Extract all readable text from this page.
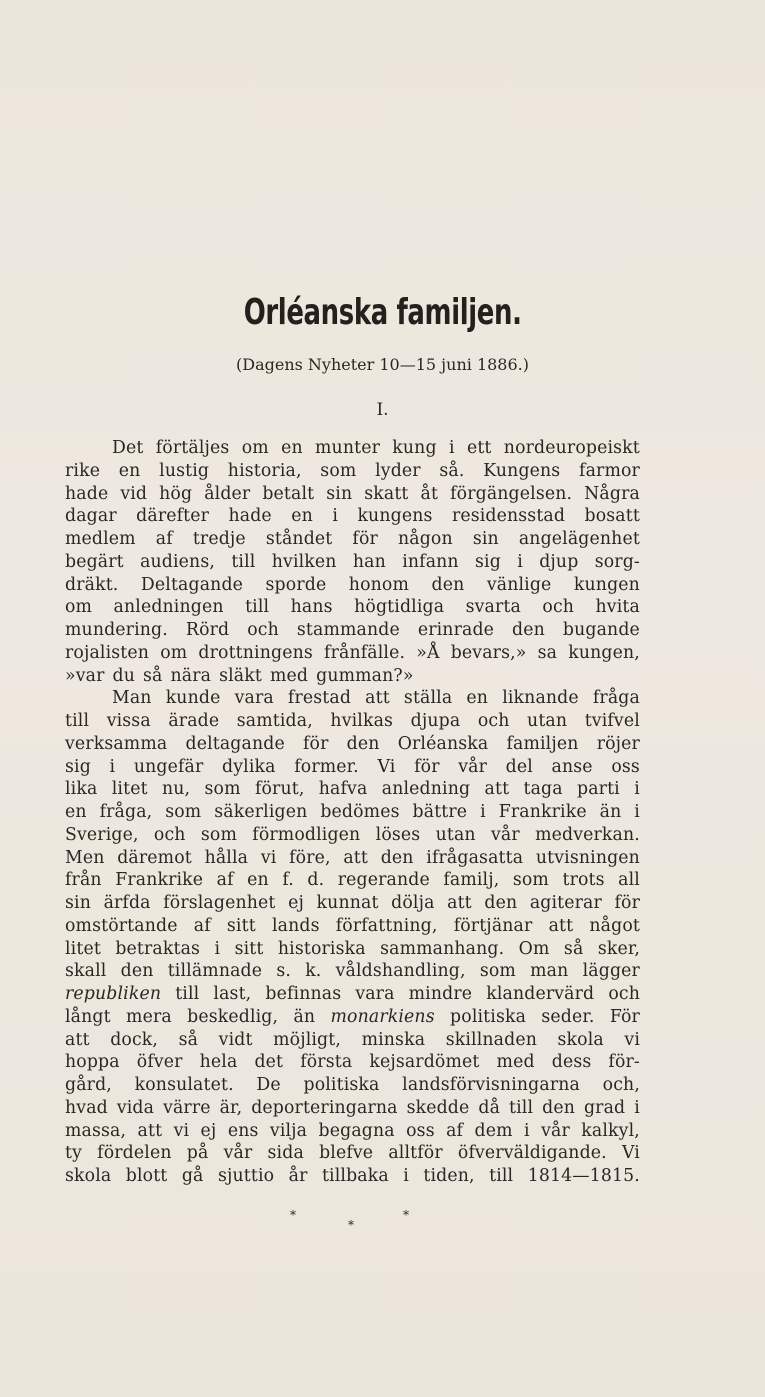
Orléanska familjen.
(Dagens Nyheter 10—15 juni 1886.)
I.
Det förtäljes om en munter kung i ett nordeuropeiskt
rike en lustig historia, som lyder så. Kungens farmor
hade vid hög ålder betalt sin skatt åt förgängelsen. Några
dagar därefter hade en i kungens residensstad bosatt
medlem af tredje ståndet för någon sin angelägenhet
begärt audiens, till hvilken han infann sig i djup sorg-
dräkt. Deltagande sporde honom den vänlige kungen
om anledningen till hans högtidliga svarta och hvita
mundering. Rörd och stammande erinrade den bugande
rojalisten om drottningens frånfälle. »Å bevars,» sa kungen,
»var du så nära släkt med gumman?»
Man kunde vara frestad att ställa en liknande fråga
till vissa ärade samtida, hvilkas djupa och utan tvifvel
verksamma deltagande för den Orléanska familjen röjer
sig i ungefär dylika former. Vi för vår del anse oss
lika litet nu, som förut, hafva anledning att taga parti i
en fråga, som säkerligen bedömes bättre i Frankrike än i
Sverige, och som förmodligen löses utan vår medverkan.
Men däremot hålla vi före, att den ifrågasatta utvisningen
från Frankrike af en f. d. regerande familj, som trots all
sin ärfda förslagenhet ej kunnat dölja att den agiterar för
omstörtande af sitt lands författning, förtjänar att något
litet betraktas i sitt historiska sammanhang. Om så sker,
skall den tillämnade s. k. våldshandling, som man lägger
republiken till last, befinnas vara mindre klandervärd och
långt mera beskedlig, än monarkiens politiska seder. För
att dock, så vidt möjligt, minska skillnaden skola vi
hoppa öfver hela det första kejsardömet med dess för-
gård, konsulatet. De politiska landsförvisningarna och,
hvad vida värre är, deporteringarna skedde då till den grad i
massa, att vi ej ens vilja begagna oss af dem i vår kalkyl,
ty fördelen på vår sida blefve alltför öfverväldigande. Vi
skola blott gå sjuttio år tillbaka i tiden, till 1814—1815.
*
*
*
